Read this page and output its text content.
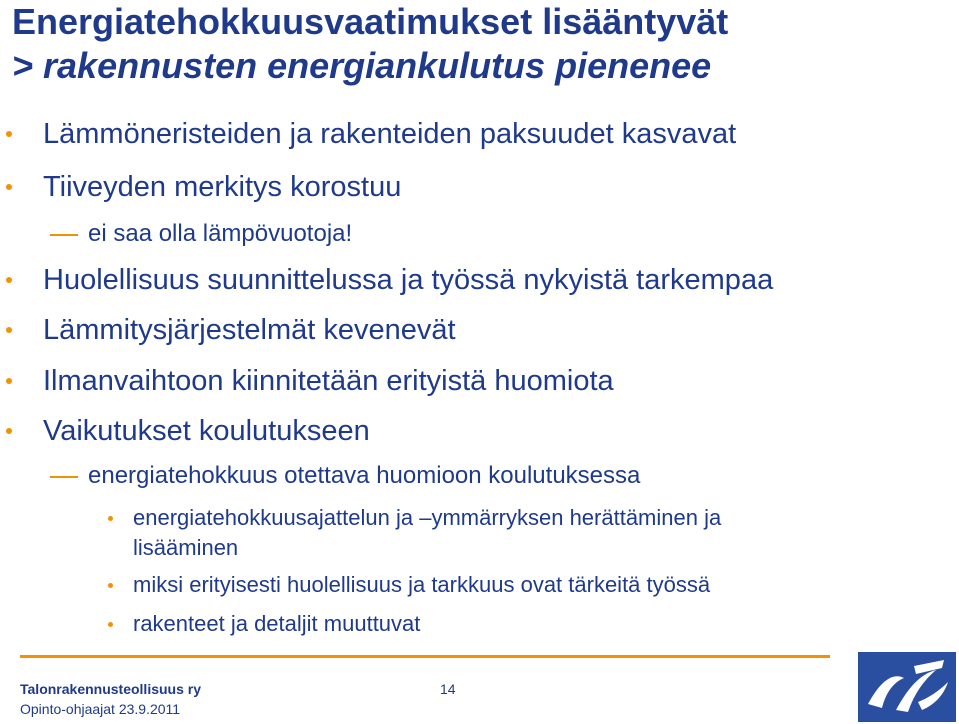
Energiatehokkuusvaatimukset lisääntyvät
> rakennusten energiankulutus pienenee
Lämmöneristeiden ja rakenteiden paksuudet kasvavat
Tiiveyden merkitys korostuu
ei saa olla lämpövuotoja!
Huolellisuus suunnittelussa ja työssä nykyistä tarkempaa
Lämmitysjärjestelmät kevenevät
Ilmanvaihtoon kiinnitetään erityistä huomiota
Vaikutukset koulutukseen
energiatehokkuus otettava huomioon koulutuksessa
energiatehokkuusajattelun ja –ymmärryksen herättäminen ja
lisääminen
miksi erityisesti huolellisuus ja tarkkuus ovat tärkeitä työssä
rakenteet ja detaljit muuttuvat
Talonrakennusteollisuus ry
Opinto-ohjaajat 23.9.2011
14
